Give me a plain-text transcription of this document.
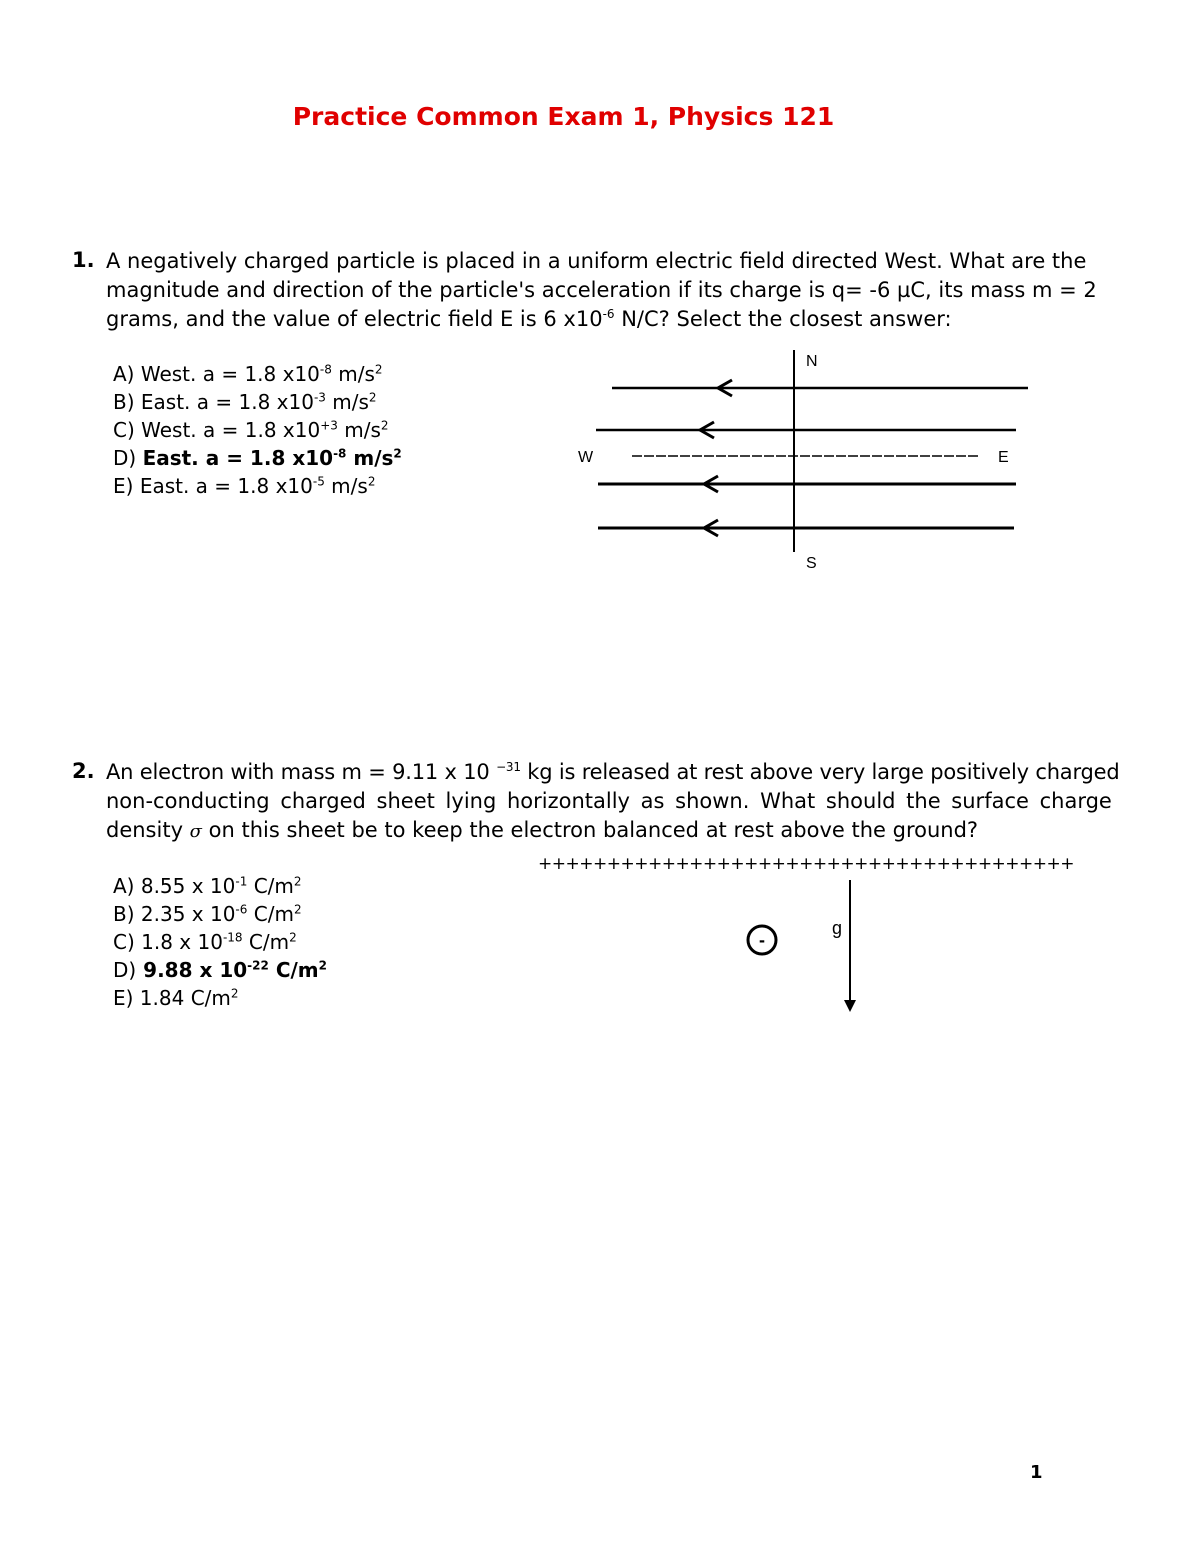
Practice Common Exam 1, Physics 121
1. A negatively charged particle is placed in a uniform electric field directed West. What are the
magnitude and direction of the particle's acceleration if its charge is q= -6 µC, its mass m = 2
grams, and the value of electric field E is 6 $x10^{-6}$ N/C? Select the closest answer:
A) West. a = 1.8 $x10^{-8}$ $m/s^2$
B) East. a = 1.8 $x10^{-3}$ $m/s^2$
C) West. a = 1.8 $x10^{+3}$ $m/s^2$
D) East. a = 1.8 $x10^{-8}$ $m/s^2$
E) East. a = 1.8 $x10^{-5}$ $m/s^2$
N
S
W	E
2. An electron with mass m = 9.11 x 10 $^{-31}$ kg is released at rest above very large positively charged
non-conducting charged sheet lying horizontally as shown. What should the surface charge
density σ on this sheet be to keep the electron balanced at rest above the ground?
A) 8.55 x $10^{-1}$ $C/m^2$
B) 2.35 x $10^{-6}$ $C/m^2$
C) 1.8 x $10^{-18}$ $C/m^2$
D) 9.88 x $10^{-22}$ $C/m^2$
E) 1.84 $C/m^2$
+++++++++++++++++++++++++++++++++++++++
-
g
1
